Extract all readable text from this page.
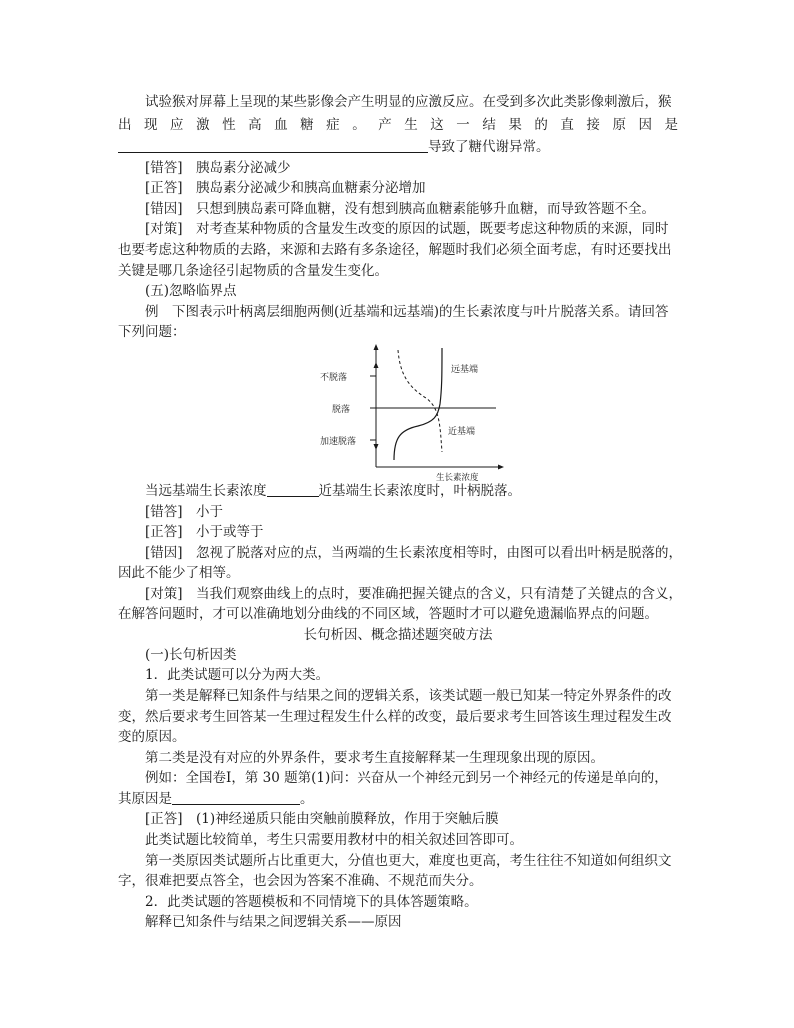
试验猴对屏幕上呈现的某些影像会产生明显的应激反应。在受到多次此类影像刺激后，猴
出 现 应 激 性 高 血 糖 症 。 产 生 这 一 结 果 的 直 接 原 因 是
导致了糖代谢异常。
[错答]　胰岛素分泌减少
[正答]　胰岛素分泌减少和胰高血糖素分泌增加
[错因]　只想到胰岛素可降血糖，没有想到胰高血糖素能够升血糖，而导致答题不全。
[对策]　对考查某种物质的含量发生改变的原因的试题，既要考虑这种物质的来源，同时
也要考虑这种物质的去路，来源和去路有多条途径，解题时我们必须全面考虑，有时还要找出
关键是哪几条途径引起物质的含量发生变化。
(五)忽略临界点
例　下图表示叶柄离层细胞两侧(近基端和远基端)的生长素浓度与叶片脱落关系。请回答
下列问题：
不脱落
脱落
加速脱落
生长素浓度
远基端
近基端
当远基端生长素浓度	近基端生长素浓度时，叶柄脱落。
[错答]　小于
[正答]　小于或等于
[错因]　忽视了脱落对应的点，当两端的生长素浓度相等时，由图可以看出叶柄是脱落的，
因此不能少了相等。
[对策]　当我们观察曲线上的点时，要准确把握关键点的含义，只有清楚了关键点的含义，
在解答问题时，才可以准确地划分曲线的不同区域，答题时才可以避免遗漏临界点的问题。
长句析因、概念描述题突破方法
(一)长句析因类
1．此类试题可以分为两大类。
第一类是解释已知条件与结果之间的逻辑关系，该类试题一般已知某一特定外界条件的改
变，然后要求考生回答某一生理过程发生什么样的改变，最后要求考生回答该生理过程发生改
变的原因。
第二类是没有对应的外界条件，要求考生直接解释某一生理现象出现的原因。
例如：全国卷Ⅰ，第 30 题第(1)问：兴奋从一个神经元到另一个神经元的传递是单向的，
其原因是	。
[正答]　(1)神经递质只能由突触前膜释放，作用于突触后膜
此类试题比较简单，考生只需要用教材中的相关叙述回答即可。
第一类原因类试题所占比重更大，分值也更大，难度也更高，考生往往不知道如何组织文
字，很难把要点答全，也会因为答案不准确、不规范而失分。
2．此类试题的答题模板和不同情境下的具体答题策略。
解释已知条件与结果之间逻辑关系——原因
